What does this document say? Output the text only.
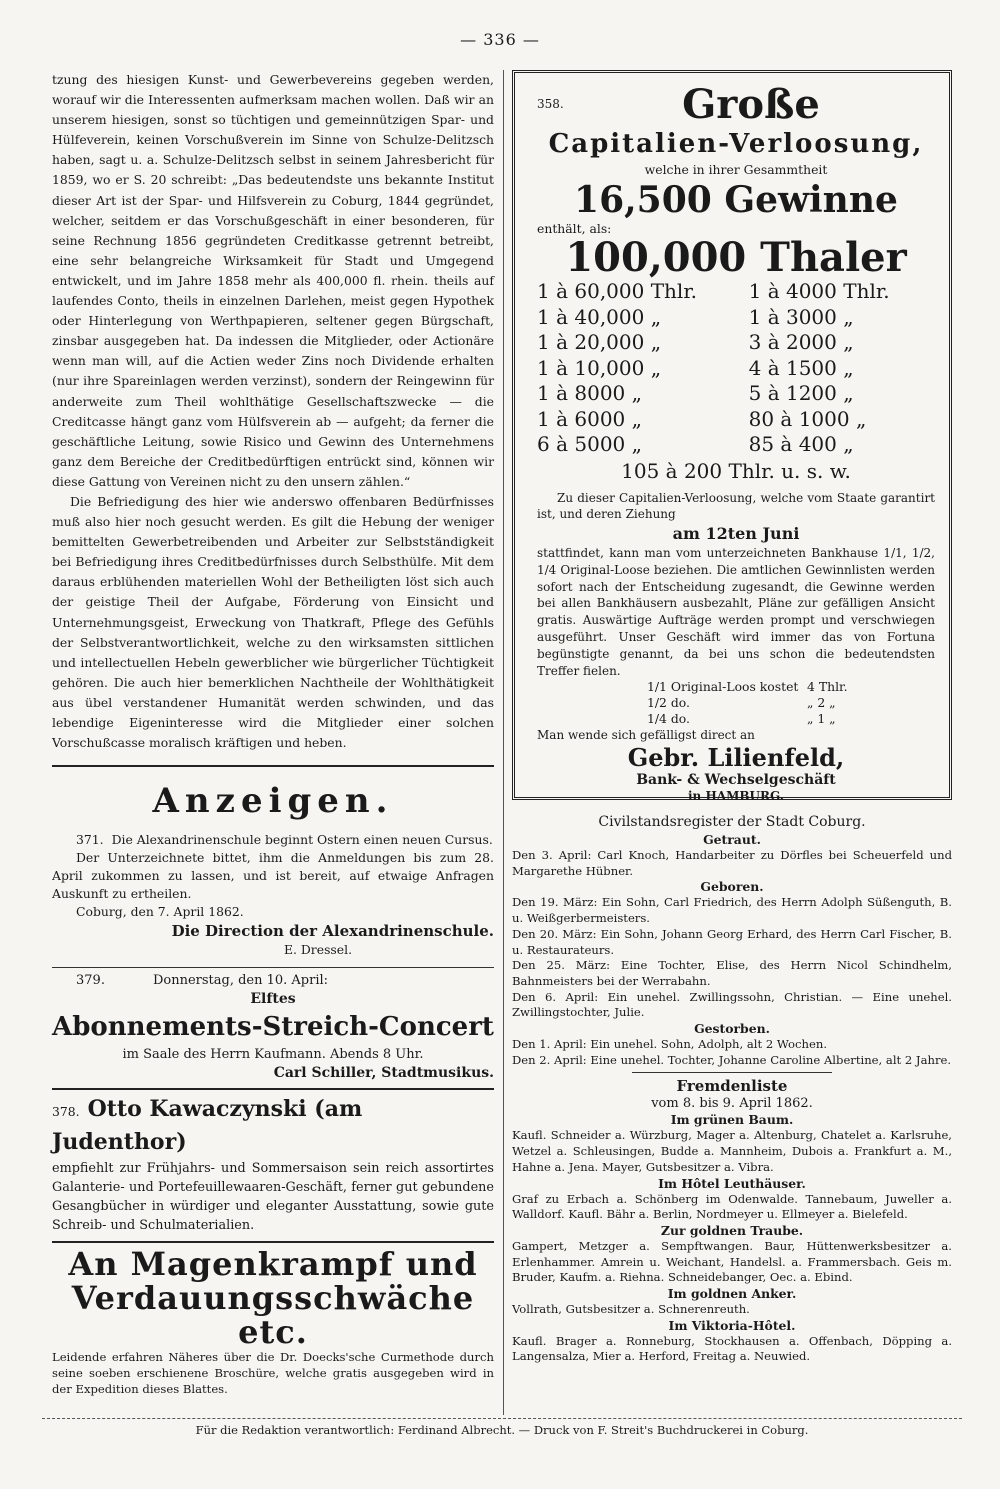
— 336 —

tzung des hiesigen Kunst- und Gewerbevereins gegeben werden, worauf wir die Interessenten aufmerksam machen wollen. Daß wir an unserem hiesigen, sonst so tüchtigen und gemeinnützigen Spar- und Hülfeverein, keinen Vorschußverein im Sinne von Schulze-Delitzsch haben, sagt u. a. Schulze-Delitzsch selbst in seinem Jahresbericht für 1859, wo er S. 20 schreibt: „Das bedeutendste uns bekannte Institut dieser Art ist der Spar- und Hilfsverein zu Coburg, 1844 gegründet, welcher, seitdem er das Vorschußgeschäft in einer besonderen, für seine Rechnung 1856 gegründeten Creditkasse getrennt betreibt, eine sehr belangreiche Wirksamkeit für Stadt und Umgegend entwickelt, und im Jahre 1858 mehr als 400,000 fl. rhein. theils auf laufendes Conto, theils in einzelnen Darlehen, meist gegen Hypothek oder Hinterlegung von Werthpapieren, seltener gegen Bürgschaft, zinsbar ausgegeben hat. Da indessen die Mitglieder, oder Actionäre wenn man will, auf die Actien weder Zins noch Dividende erhalten (nur ihre Spareinlagen werden verzinst), sondern der Reingewinn für anderweite zum Theil wohlthätige Gesellschaftszwecke — die Creditcasse hängt ganz vom Hülfsverein ab — aufgeht; da ferner die geschäftliche Leitung, sowie Risico und Gewinn des Unternehmens ganz dem Bereiche der Creditbedürftigen entrückt sind, können wir diese Gattung von Vereinen nicht zu den unsern zählen.“

Die Befriedigung des hier wie anderswo offenbaren Bedürfnisses muß also hier noch gesucht werden. Es gilt die Hebung der weniger bemittelten Gewerbetreibenden und Arbeiter zur Selbstständigkeit bei Befriedigung ihres Creditbedürfnisses durch Selbsthülfe. Mit dem daraus erblühenden materiellen Wohl der Betheiligten löst sich auch der geistige Theil der Aufgabe, Förderung von Einsicht und Unternehmungsgeist, Erweckung von Thatkraft, Pflege des Gefühls der Selbstverantwortlichkeit, welche zu den wirksamsten sittlichen und intellectuellen Hebeln gewerblicher wie bürgerlicher Tüchtigkeit gehören. Die auch hier bemerklichen Nachtheile der Wohlthätigkeit aus übel verstandener Humanität werden schwinden, und das lebendige Eigeninteresse wird die Mitglieder einer solchen Vorschußcasse moralisch kräftigen und heben.

Anzeigen.

371. Die Alexandrinenschule beginnt Ostern einen neuen Cursus.

Der Unterzeichnete bittet, ihm die Anmeldungen bis zum 28. April zukommen zu lassen, und ist bereit, auf etwaige Anfragen Auskunft zu ertheilen.

Coburg, den 7. April 1862.

Die Direction der Alexandrinenschule.

E. Dressel.

379.	Donnerstag, den 10. April:

Elftes

Abonnements-Streich-Concert

im Saale des Herrn Kaufmann. Abends 8 Uhr.

Carl Schiller, Stadtmusikus.

378. Otto Kawaczynski (am Judenthor)

empfiehlt zur Frühjahrs- und Sommersaison sein reich assortirtes Galanterie- und Portefeuillewaaren-Geschäft, ferner gut gebundene Gesangbücher in würdiger und eleganter Ausstattung, sowie gute Schreib- und Schulmaterialien.

An Magenkrampf und Verdauungsschwäche etc.

Leidende erfahren Näheres über die Dr. Doecks'sche Curmethode durch seine soeben erschienene Broschüre, welche gratis ausgegeben wird in der Expedition dieses Blattes.

358.	Große
Capitalien-Verloosung,
welche in ihrer Gesammtheit
16,500 Gewinne
enthält, als:
100,000 Thaler
1 à 60,000 Thlr.	1 à 4000 Thlr.
1 à 40,000 „	1 à 3000 „
1 à 20,000 „	3 à 2000 „
1 à 10,000 „	4 à 1500 „
1 à 8000 „	5 à 1200 „
1 à 6000 „	80 à 1000 „
6 à 5000 „	85 à 400 „
105 à 200 Thlr. u. s. w.

Zu dieser Capitalien-Verloosung, welche vom Staate garantirt ist, und deren Ziehung

am 12ten Juni

stattfindet, kann man vom unterzeichneten Bankhause 1/1, 1/2, 1/4 Original-Loose beziehen. Die amtlichen Gewinnlisten werden sofort nach der Entscheidung zugesandt, die Gewinne werden bei allen Bankhäusern ausbezahlt, Pläne zur gefälligen Ansicht gratis. Auswärtige Aufträge werden prompt und verschwiegen ausgeführt. Unser Geschäft wird immer das von Fortuna begünstigte genannt, da bei uns schon die bedeutendsten Treffer fielen.

1/1 Original-Loos kostet 4 Thlr.
1/2 do.	„ 2 „
1/4 do.	„ 1 „

Man wende sich gefälligst direct an

Gebr. Lilienfeld,
Bank- & Wechselgeschäft
in HAMBURG.
Civilstandsregister der Stadt Coburg.
Getraut.

Den 3. April: Carl Knoch, Handarbeiter zu Dörfles bei Scheuerfeld und Margarethe Hübner.

Geboren.

Den 19. März: Ein Sohn, Carl Friedrich, des Herrn Adolph Süßenguth, B. u. Weißgerbermeisters.

Den 20. März: Ein Sohn, Johann Georg Erhard, des Herrn Carl Fischer, B. u. Restaurateurs.

Den 25. März: Eine Tochter, Elise, des Herrn Nicol Schindhelm, Bahnmeisters bei der Werrabahn.

Den 6. April: Ein unehel. Zwillingssohn, Christian. — Eine unehel. Zwillingstochter, Julie.

Gestorben.

Den 1. April: Ein unehel. Sohn, Adolph, alt 2 Wochen.

Den 2. April: Eine unehel. Tochter, Johanne Caroline Albertine, alt 2 Jahre.

Fremdenliste
vom 8. bis 9. April 1862.
Im grünen Baum.

Kaufl. Schneider a. Würzburg, Mager a. Altenburg, Chatelet a. Karlsruhe, Wetzel a. Schleusingen, Budde a. Mannheim, Dubois a. Frankfurt a. M., Hahne a. Jena. Mayer, Gutsbesitzer a. Vibra.

Im Hôtel Leuthäuser.

Graf zu Erbach a. Schönberg im Odenwalde. Tannebaum, Juweller a. Walldorf. Kaufl. Bähr a. Berlin, Nordmeyer u. Ellmeyer a. Bielefeld.

Zur goldnen Traube.

Gampert, Metzger a. Sempftwangen. Baur, Hüttenwerksbesitzer a. Erlenhammer. Amrein u. Weichant, Handelsl. a. Frammersbach. Geis m. Bruder, Kaufm. a. Riehna. Schneidebanger, Oec. a. Ebind.

Im goldnen Anker.

Vollrath, Gutsbesitzer a. Schnerenreuth.

Im Viktoria-Hôtel.

Kaufl. Brager a. Ronneburg, Stockhausen a. Offenbach, Döpping a. Langensalza, Mier a. Herford, Freitag a. Neuwied.

Für die Redaktion verantwortlich: Ferdinand Albrecht. — Druck von F. Streit's Buchdruckerei in Coburg.
